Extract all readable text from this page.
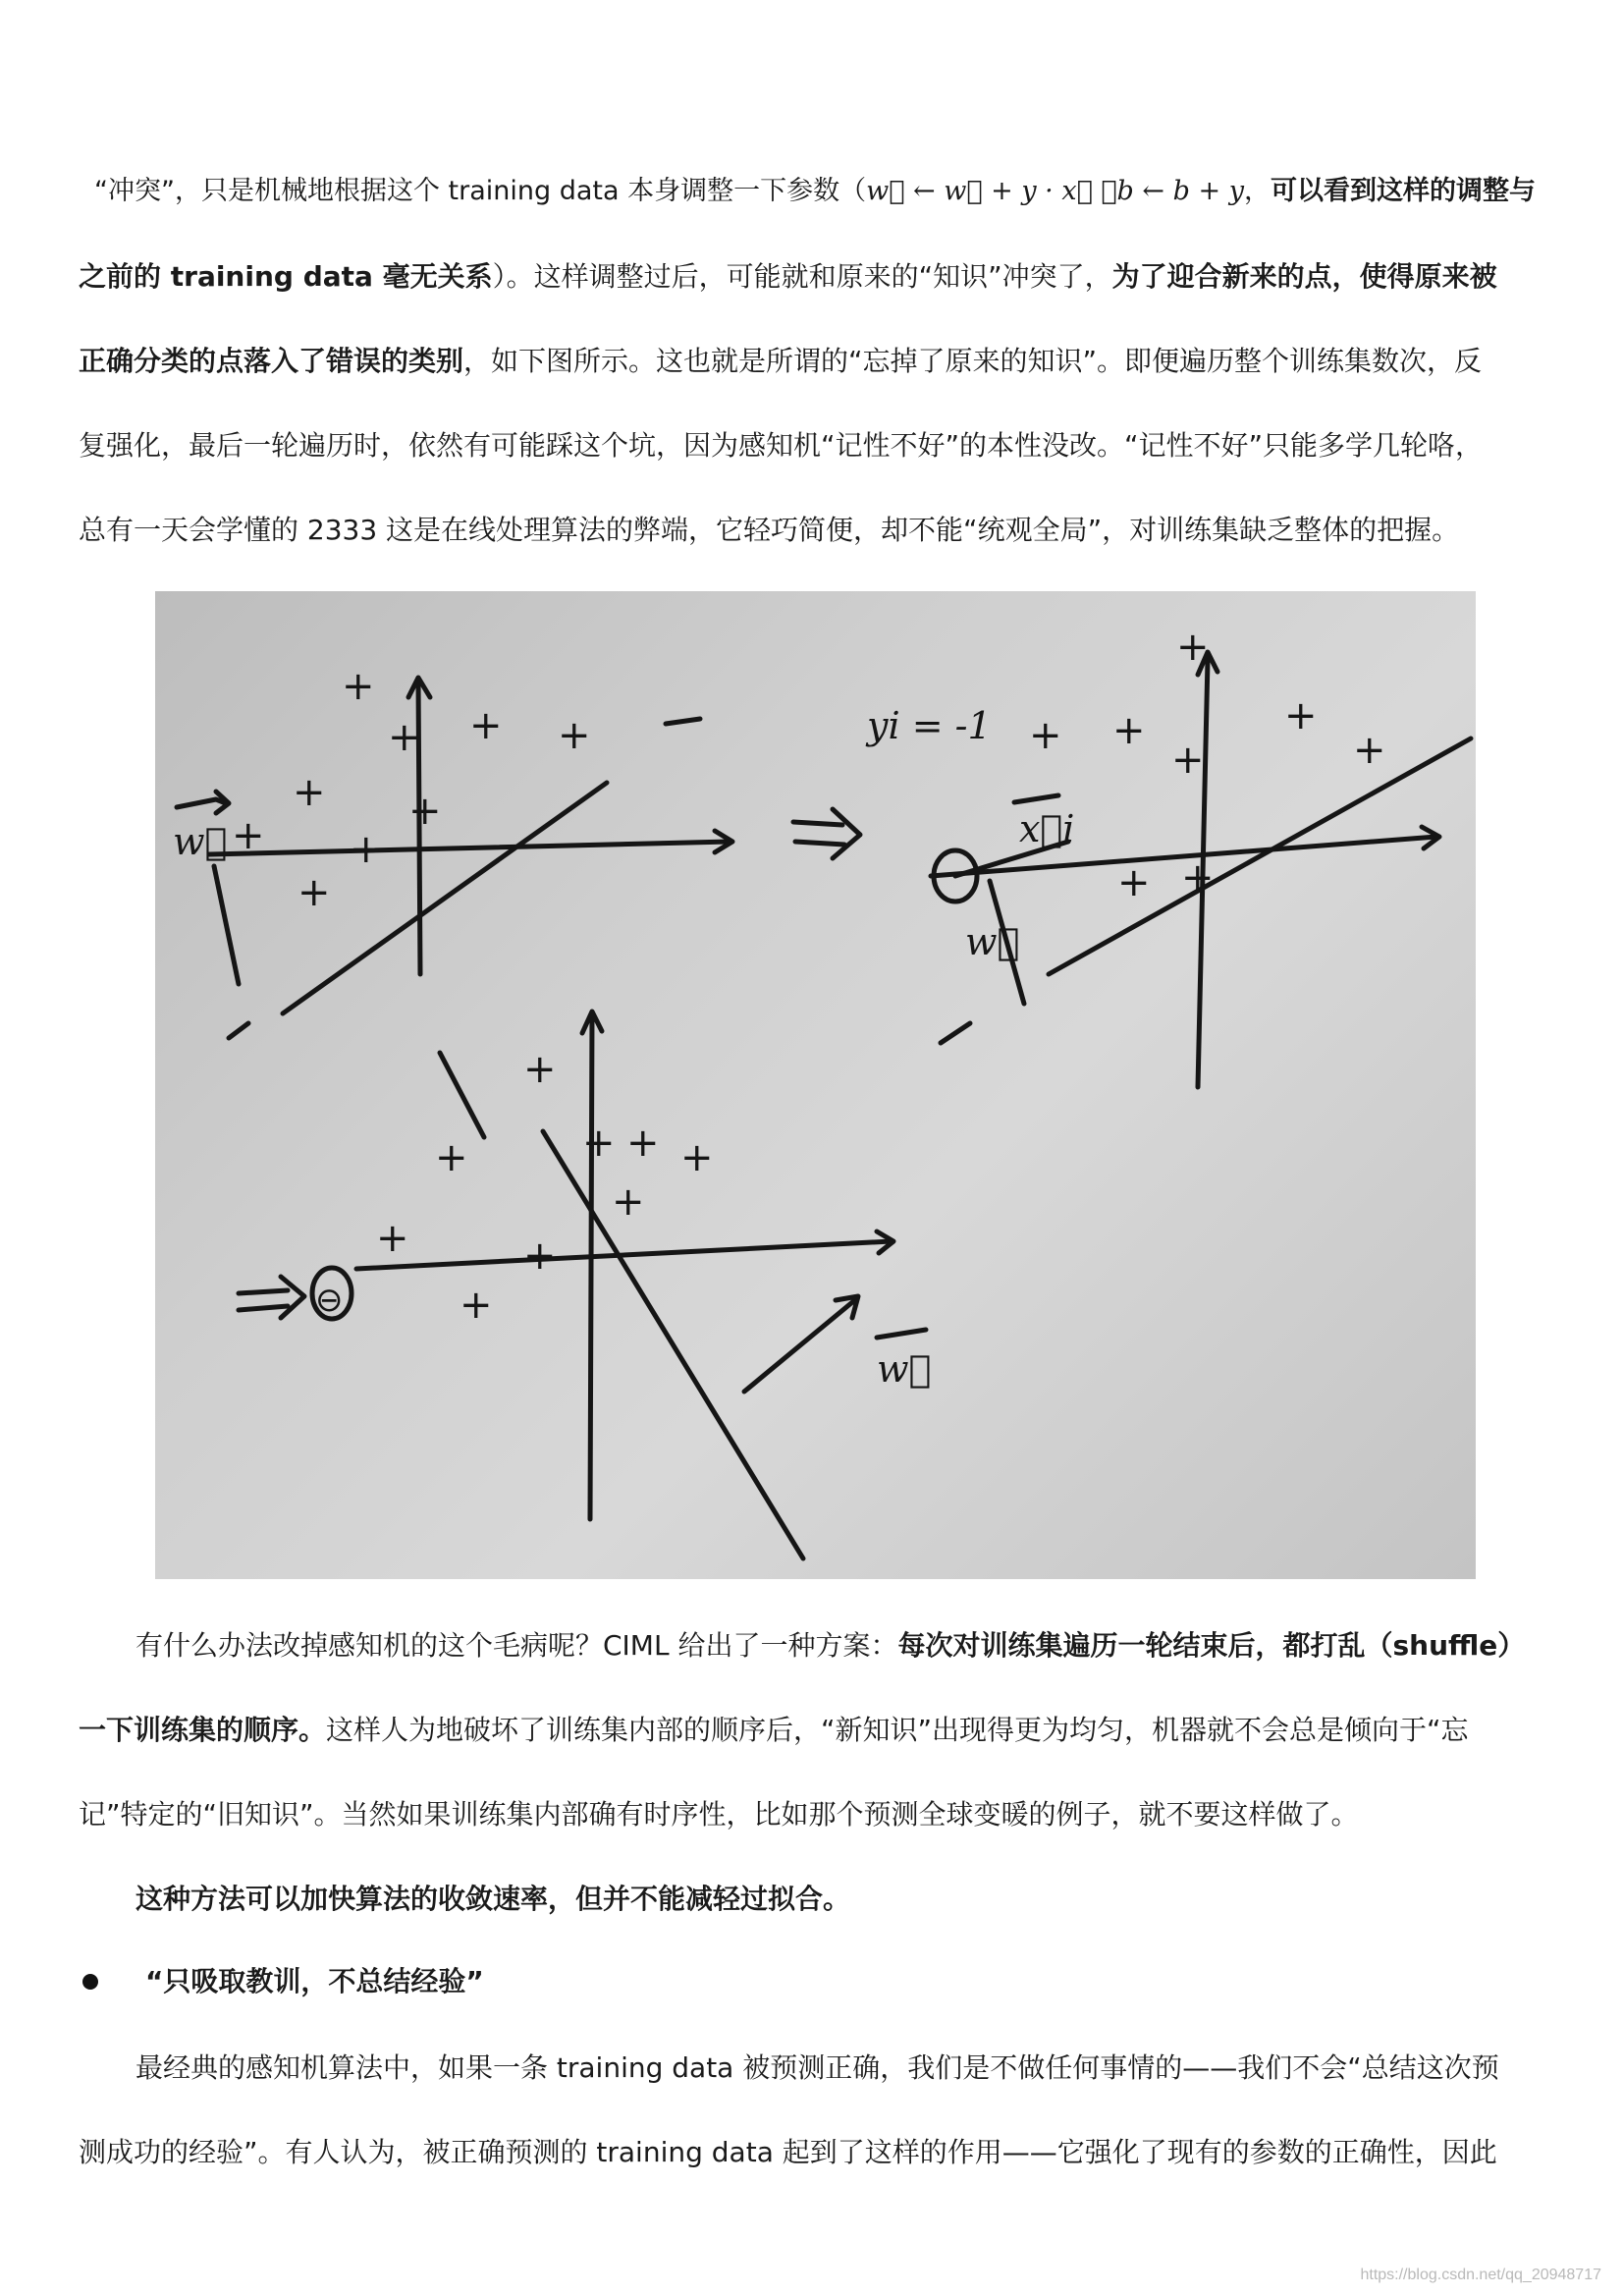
“冲突”，只是机械地根据这个 training data 本身调整一下参数（w⃗ ← w⃗ + y · x⃗ ，b ← b + y，可以看到这样的调整与
之前的 training data 毫无关系）。这样调整过后，可能就和原来的“知识”冲突了，为了迎合新来的点，使得原来被
正确分类的点落入了错误的类别，如下图所示。这也就是所谓的“忘掉了原来的知识”。即便遍历整个训练集数次，反
复强化，最后一轮遍历时，依然有可能踩这个坑，因为感知机“记性不好”的本性没改。“记性不好”只能多学几轮咯，
总有一天会学懂的 2333 这是在线处理算法的弊端，它轻巧简便，却不能“统观全局”，对训练集缺乏整体的把握。
w⃗
yi = -1
x⃗i
w⃗
w⃗
+
+ + +
+ +
+ +
+
+ +
+
+
+
+
+ +
+
+	+ + +
+
+	+
+
⊖
有什么办法改掉感知机的这个毛病呢？CIML 给出了一种方案：每次对训练集遍历一轮结束后，都打乱（shuffle）
一下训练集的顺序。这样人为地破坏了训练集内部的顺序后，“新知识”出现得更为均匀，机器就不会总是倾向于“忘
记”特定的“旧知识”。当然如果训练集内部确有时序性，比如那个预测全球变暖的例子，就不要这样做了。
这种方法可以加快算法的收敛速率，但并不能减轻过拟合。
“只吸取教训，不总结经验”
最经典的感知机算法中，如果一条 training data 被预测正确，我们是不做任何事情的——我们不会“总结这次预
测成功的经验”。有人认为，被正确预测的 training data 起到了这样的作用——它强化了现有的参数的正确性，因此
https://blog.csdn.net/qq_20948717
